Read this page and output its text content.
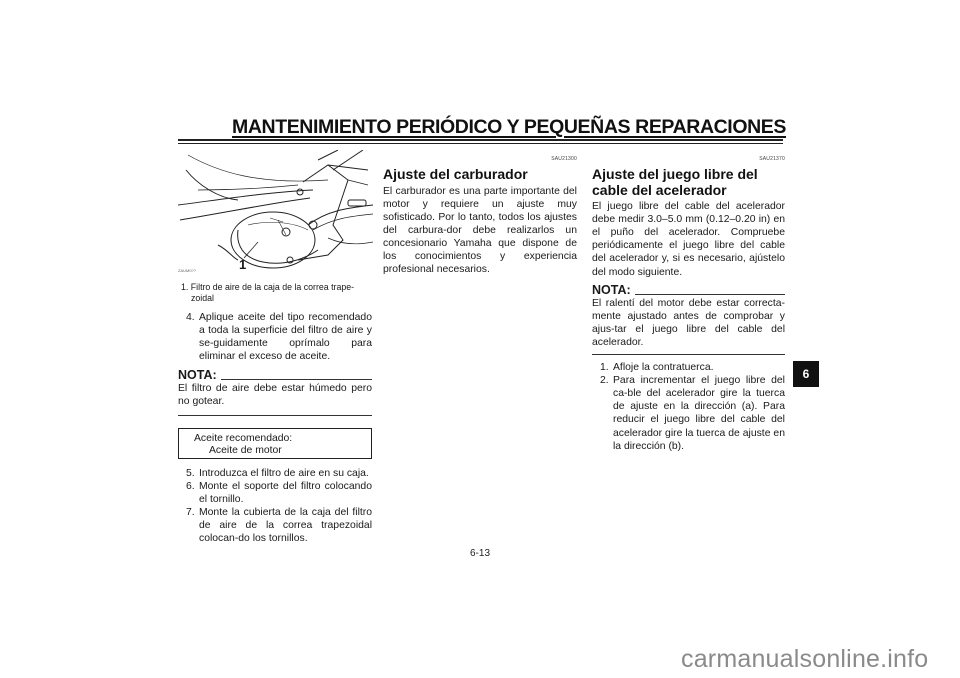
MANTENIMIENTO PERIÓDICO Y PEQUEÑAS REPARACIONES
1
ZAUM0??
1. Filtro de aire de la caja de la correa trape-
zoidal
4. Aplique aceite del tipo recomendado a toda la superficie del filtro de aire y se-guidamente oprímalo para eliminar el exceso de aceite.
NOTA:

El filtro de aire debe estar húmedo pero no gotear.

Aceite recomendado:
Aceite de motor
5. Introduzca el filtro de aire en su caja.
6. Monte el soporte del filtro colocando el tornillo.
7. Monte la cubierta de la caja del filtro de aire de la correa trapezoidal colocan-do los tornillos.
SAU21300
Ajuste del carburador

El carburador es una parte importante del motor y requiere un ajuste muy sofisticado. Por lo tanto, todos los ajustes del carbura-dor debe realizarlos un concesionario Yamaha que dispone de los conocimientos y experiencia profesional necesarios.

SAU21370
Ajuste del juego libre del cable del acelerador

El juego libre del cable del acelerador debe medir 3.0–5.0 mm (0.12–0.20 in) en el puño del acelerador. Compruebe periódicamente el juego libre del cable del acelerador y, si es necesario, ajústelo del modo siguiente.

NOTA:

El ralentí del motor debe estar correcta-mente ajustado antes de comprobar y ajus-tar el juego libre del cable del acelerador.

1. Afloje la contratuerca.
2. Para incrementar el juego libre del ca-ble del acelerador gire la tuerca de ajuste en la dirección (a). Para reducir el juego libre del cable del acelerador gire la tuerca de ajuste en la dirección (b).
6
6-13
carmanualsonline.info
